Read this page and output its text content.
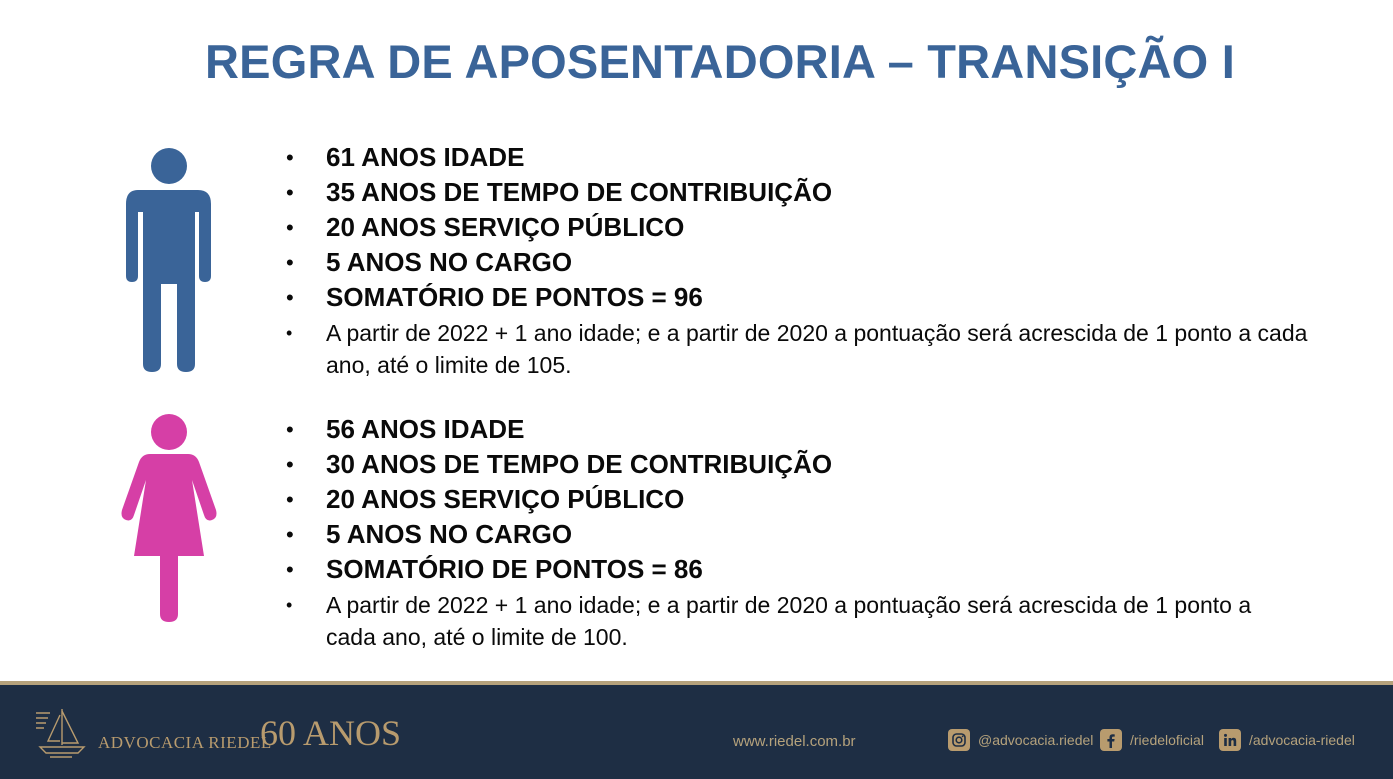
REGRA DE APOSENTADORIA – TRANSIÇÃO I
• 61 ANOS IDADE
• 35 ANOS DE TEMPO DE CONTRIBUIÇÃO
• 20 ANOS SERVIÇO PÚBLICO
• 5 ANOS NO CARGO
• SOMATÓRIO DE PONTOS = 96
• A partir de 2022 + 1 ano idade; e a partir de 2020 a pontuação será acrescida de 1 ponto a cada ano, até o limite de 105.
• 56 ANOS IDADE
• 30 ANOS DE TEMPO DE CONTRIBUIÇÃO
• 20 ANOS SERVIÇO PÚBLICO
• 5 ANOS NO CARGO
• SOMATÓRIO DE PONTOS = 86
• A partir de 2022 + 1 ano idade; e a partir de 2020 a pontuação será acrescida de 1 ponto a cada ano, até o limite de 100.
ADVOCACIA RIEDEL
60 ANOS	www.riedel.com.br	@advocacia.riedel	/riedeloficial	/advocacia-riedel
